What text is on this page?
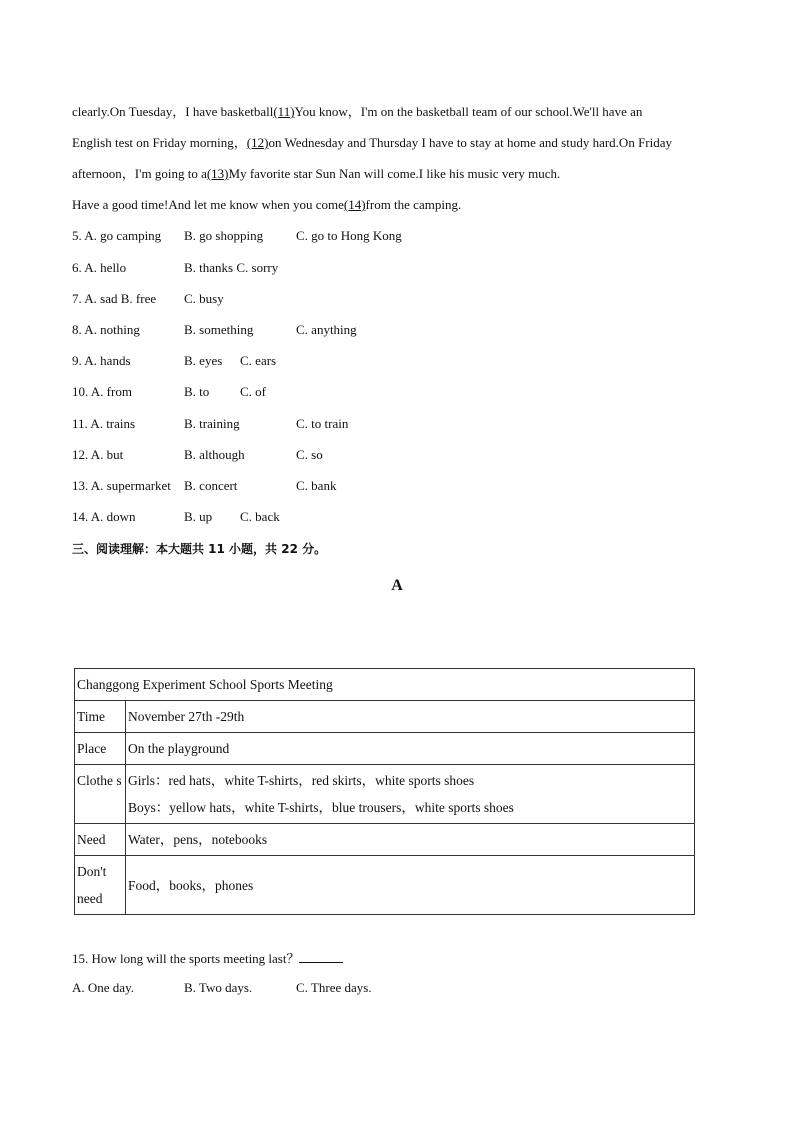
clearly.On Tuesday，I have basketball(11)You know，I'm on the basketball team of our school.We'll have an
English test on Friday morning，(12)on Wednesday and Thursday I have to stay at home and study hard.On Friday
afternoon，I'm going to a(13)My favorite star Sun Nan will come.I like his music very much.
Have a good time!And let me know when you come(14)from the camping.
5. A. go camping B. go shopping	C. go to Hong Kong
6. A. hello	B. thanks C. sorry
7. A. sad B. free C. busy
8. A. nothing	B. something	C. anything
9. A. hands	B. eyes C. ears
10. A. from	B. to C. of
11. A. trains	B. training	C. to train
12. A. but	B. although	C. so
13. A. supermarket B. concert	C. bank
14. A. down	B. up C. back
三、阅读理解：本大题共 11 小题，共 22 分。
A
Changgong Experiment School Sports Meeting	
Time	November 27th -29th
Place	On the playground
Clothe s	Girls：red hats，white T-shirts，red skirts，white sports shoes
Boys：yellow hats，white T-shirts，blue trousers，white sports shoes

Need	Water，pens，notebooks
Don't need	Food，books，phones
15. How long will the sports meeting last？
A. One day.	B. Two days.	C. Three days.
